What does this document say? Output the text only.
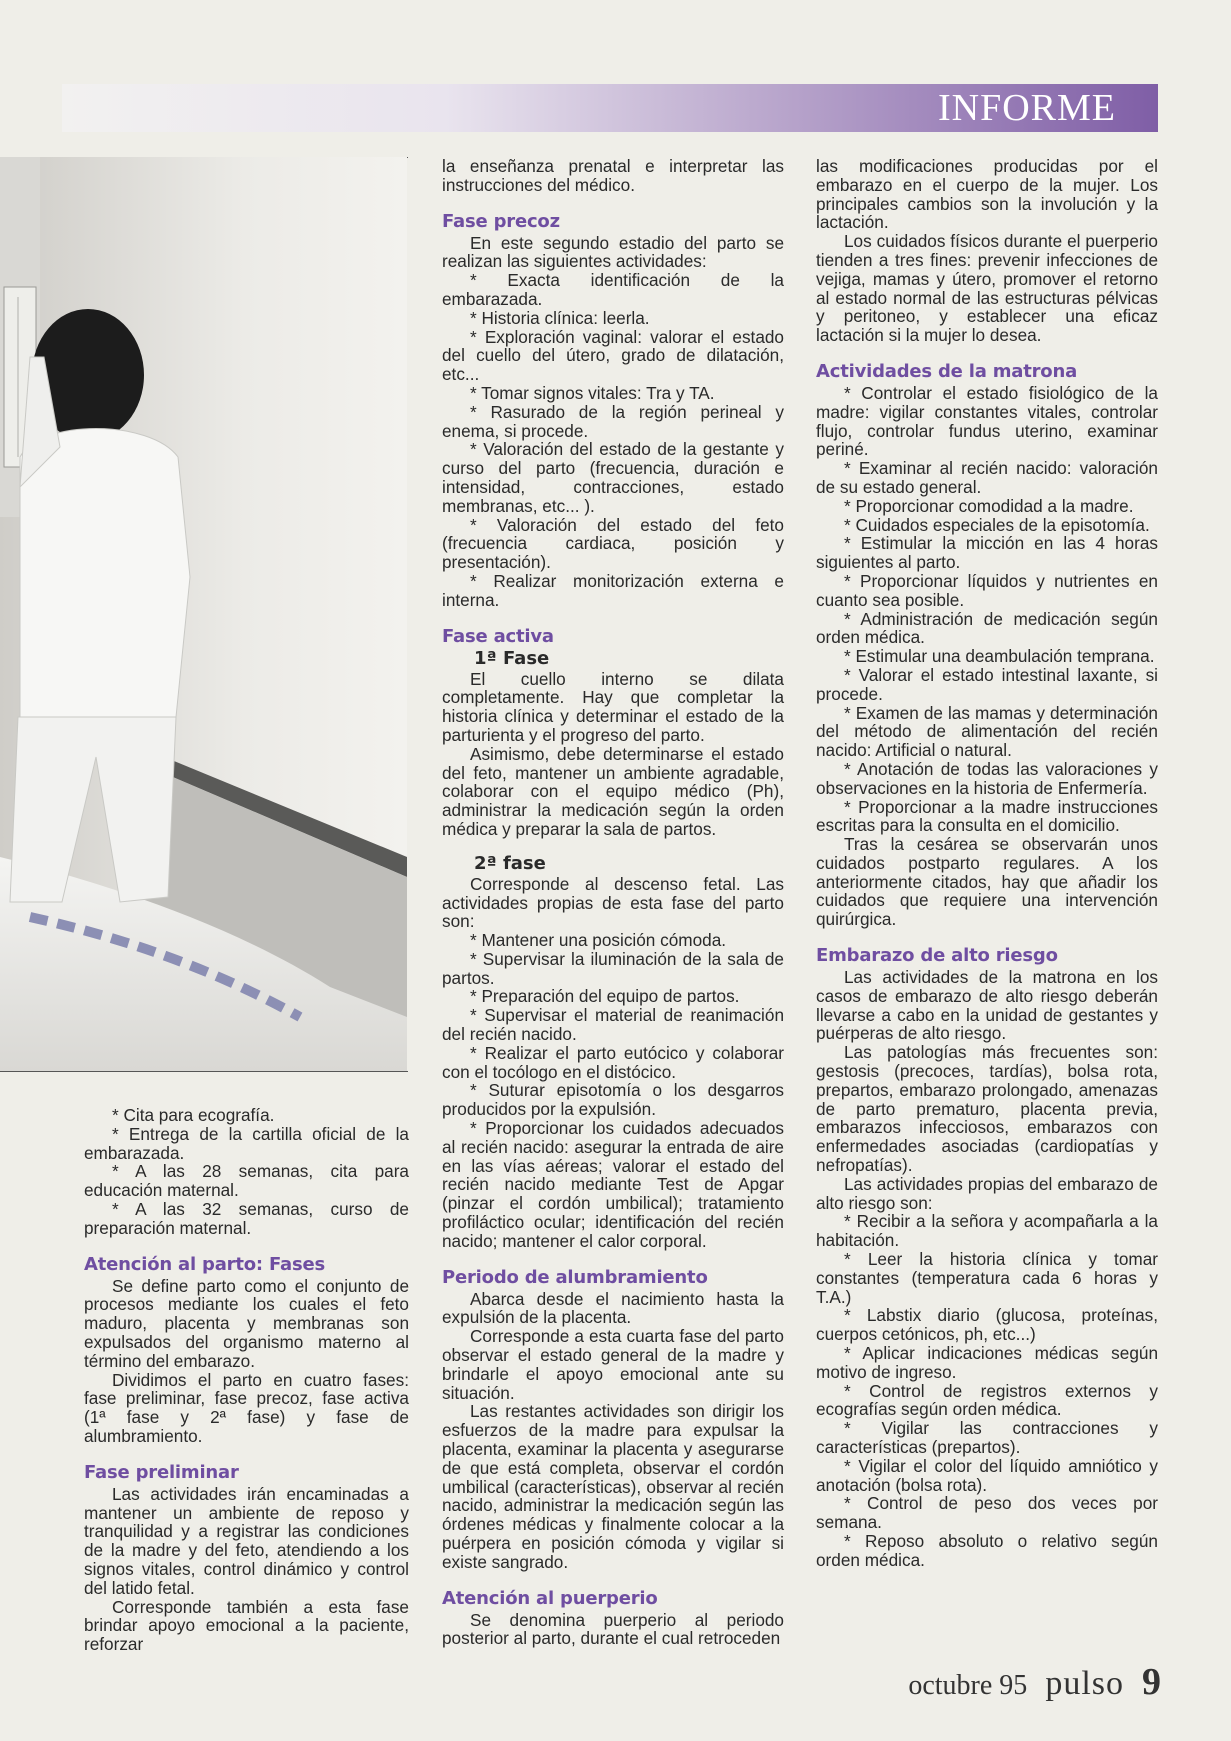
INFORME

* Cita para ecografía.

* Entrega de la cartilla oficial de la embarazada.

* A las 28 semanas, cita para educación maternal.

* A las 32 semanas, curso de preparación maternal.

Atención al parto: Fases

Se define parto como el conjunto de procesos mediante los cuales el feto maduro, placenta y membranas son expulsados del organismo materno al término del embarazo.

Dividimos el parto en cuatro fases: fase preliminar, fase precoz, fase activa (1ª fase y 2ª fase) y fase de alumbramiento.

Fase preliminar

Las actividades irán encaminadas a mantener un ambiente de reposo y tranquilidad y a registrar las condiciones de la madre y del feto, atendiendo a los signos vitales, control dinámico y control del latido fetal.

Corresponde también a esta fase brindar apoyo emocional a la paciente, reforzar

la enseñanza prenatal e interpretar las instrucciones del médico.

Fase precoz

En este segundo estadio del parto se realizan las siguientes actividades:

* Exacta identificación de la embarazada.

* Historia clínica: leerla.

* Exploración vaginal: valorar el estado del cuello del útero, grado de dilatación, etc...

* Tomar signos vitales: Tra y TA.

* Rasurado de la región perineal y enema, si procede.

* Valoración del estado de la gestante y curso del parto (frecuencia, duración e intensidad, contracciones, estado membranas, etc... ).

* Valoración del estado del feto (frecuencia cardiaca, posición y presentación).

* Realizar monitorización externa e interna.

Fase activa
1ª Fase

El cuello interno se dilata completamente. Hay que completar la historia clínica y determinar el estado de la parturienta y el progreso del parto.

Asimismo, debe determinarse el estado del feto, mantener un ambiente agradable, colaborar con el equipo médico (Ph), administrar la medicación según la orden médica y preparar la sala de partos.

2ª fase

Corresponde al descenso fetal. Las actividades propias de esta fase del parto son:

* Mantener una posición cómoda.

* Supervisar la iluminación de la sala de partos.

* Preparación del equipo de partos.

* Supervisar el material de reanimación del recién nacido.

* Realizar el parto eutócico y colaborar con el tocólogo en el distócico.

* Suturar episotomía o los desgarros producidos por la expulsión.

* Proporcionar los cuidados adecuados al recién nacido: asegurar la entrada de aire en las vías aéreas; valorar el estado del recién nacido mediante Test de Apgar (pinzar el cordón umbilical); tratamiento profiláctico ocular; identificación del recién nacido; mantener el calor corporal.

Periodo de alumbramiento

Abarca desde el nacimiento hasta la expulsión de la placenta.

Corresponde a esta cuarta fase del parto observar el estado general de la madre y brindarle el apoyo emocional ante su situación.

Las restantes actividades son dirigir los esfuerzos de la madre para expulsar la placenta, examinar la placenta y asegurarse de que está completa, observar el cordón umbilical (características), observar al recién nacido, administrar la medicación según las órdenes médicas y finalmente colocar a la puérpera en posición cómoda y vigilar si existe sangrado.

Atención al puerperio

Se denomina puerperio al periodo posterior al parto, durante el cual retroceden

las modificaciones producidas por el embarazo en el cuerpo de la mujer. Los principales cambios son la involución y la lactación.

Los cuidados físicos durante el puerperio tienden a tres fines: prevenir infecciones de vejiga, mamas y útero, promover el retorno al estado normal de las estructuras pélvicas y peritoneo, y establecer una eficaz lactación si la mujer lo desea.

Actividades de la matrona

* Controlar el estado fisiológico de la madre: vigilar constantes vitales, controlar flujo, controlar fundus uterino, examinar periné.

* Examinar al recién nacido: valoración de su estado general.

* Proporcionar comodidad a la madre.

* Cuidados especiales de la episotomía.

* Estimular la micción en las 4 horas siguientes al parto.

* Proporcionar líquidos y nutrientes en cuanto sea posible.

* Administración de medicación según orden médica.

* Estimular una deambulación temprana.

* Valorar el estado intestinal laxante, si procede.

* Examen de las mamas y determinación del método de alimentación del recién nacido: Artificial o natural.

* Anotación de todas las valoraciones y observaciones en la historia de Enfermería.

* Proporcionar a la madre instrucciones escritas para la consulta en el domicilio.

Tras la cesárea se observarán unos cuidados postparto regulares. A los anteriormente citados, hay que añadir los cuidados que requiere una intervención quirúrgica.

Embarazo de alto riesgo

Las actividades de la matrona en los casos de embarazo de alto riesgo deberán llevarse a cabo en la unidad de gestantes y puérperas de alto riesgo.

Las patologías más frecuentes son: gestosis (precoces, tardías), bolsa rota, prepartos, embarazo prolongado, amenazas de parto prematuro, placenta previa, embarazos infecciosos, embarazos con enfermedades asociadas (cardiopatías y nefropatías).

Las actividades propias del embarazo de alto riesgo son:

* Recibir a la señora y acompañarla a la habitación.

* Leer la historia clínica y tomar constantes (temperatura cada 6 horas y T.A.)

* Labstix diario (glucosa, proteínas, cuerpos cetónicos, ph, etc...)

* Aplicar indicaciones médicas según motivo de ingreso.

* Control de registros externos y ecografías según orden médica.

* Vigilar las contracciones y características (prepartos).

* Vigilar el color del líquido amniótico y anotación (bolsa rota).

* Control de peso dos veces por semana.

* Reposo absoluto o relativo según orden médica.

octubre 95 pulso 9
